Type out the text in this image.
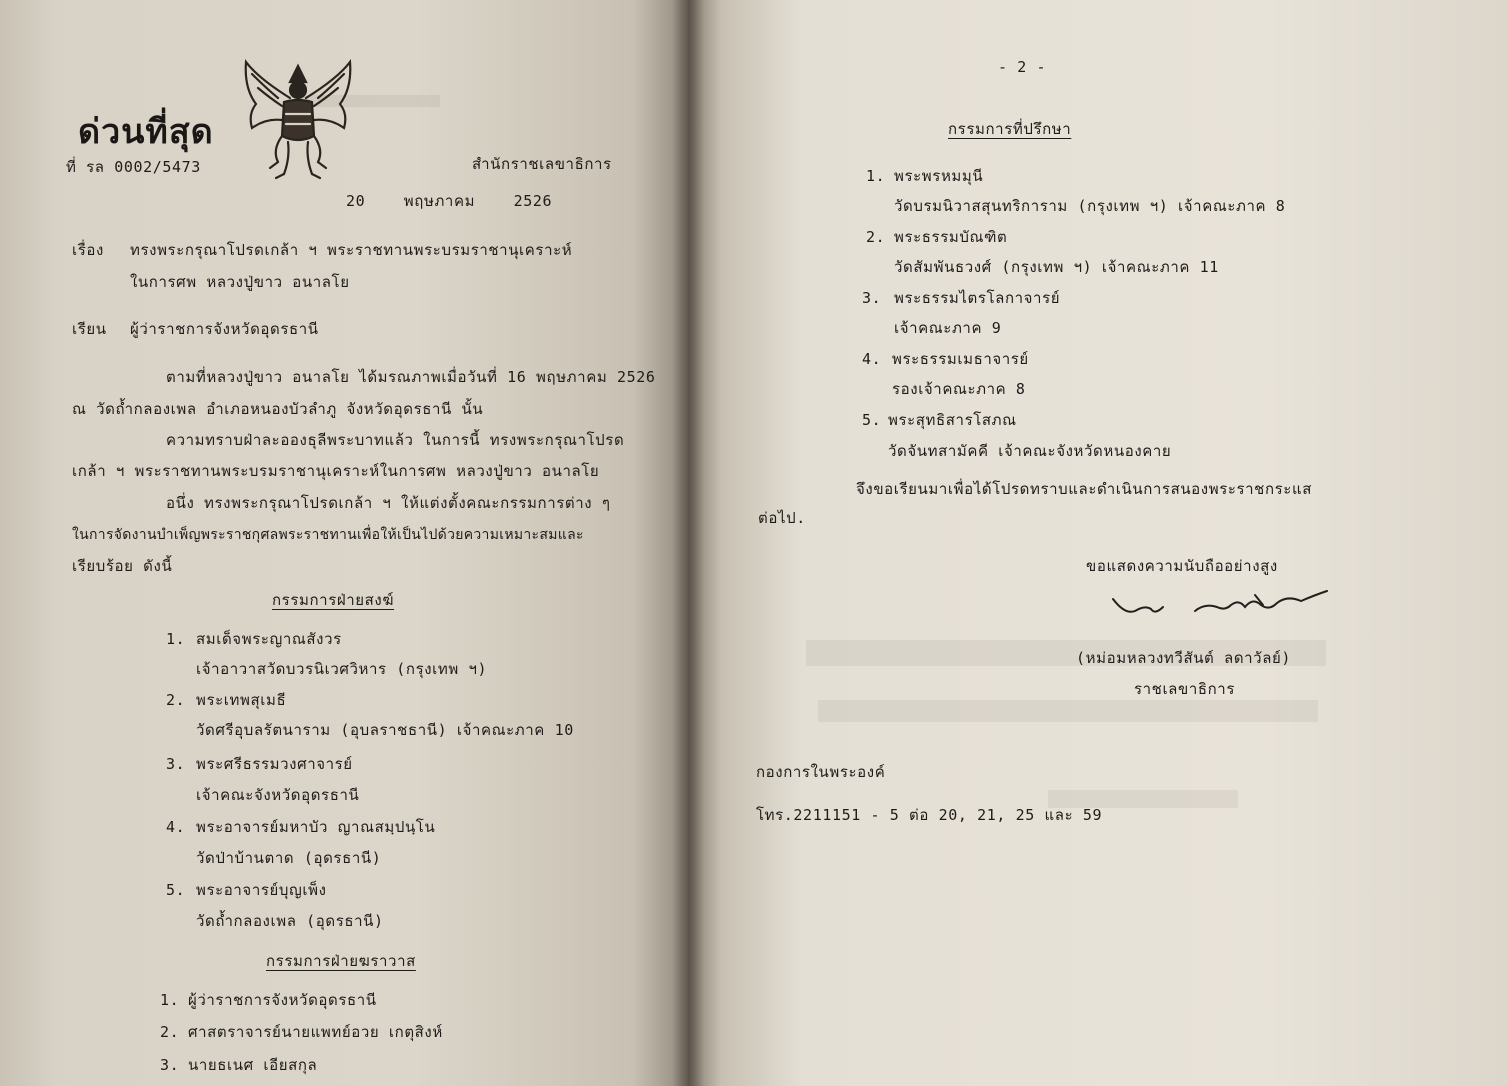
ด่วนที่สุด
ที่ รล 0002/5473	สำนักราชเลขาธิการ
20    พฤษภาคม    2526
เรื่อง ทรงพระกรุณาโปรดเกล้า ฯ พระราชทานพระบรมราชานุเคราะห์
ในการศพ หลวงปู่ขาว อนาลโย
เรียน ผู้ว่าราชการจังหวัดอุดรธานี
ตามที่หลวงปู่ขาว อนาลโย ได้มรณภาพเมื่อวันที่ 16 พฤษภาคม 2526
ณ วัดถ้ำกลองเพล อำเภอหนองบัวลำภู จังหวัดอุดรธานี นั้น
ความทราบฝ่าละอองธุลีพระบาทแล้ว ในการนี้ ทรงพระกรุณาโปรด
เกล้า ฯ พระราชทานพระบรมราชานุเคราะห์ในการศพ หลวงปู่ขาว อนาลโย
อนึ่ง ทรงพระกรุณาโปรดเกล้า ฯ ให้แต่งตั้งคณะกรรมการต่าง ๆ
ในการจัดงานบำเพ็ญพระราชกุศลพระราชทานเพื่อให้เป็นไปด้วยความเหมาะสมและ
เรียบร้อย ดังนี้
กรรมการฝ่ายสงฆ์
1. สมเด็จพระญาณสังวร
เจ้าอาวาสวัดบวรนิเวศวิหาร (กรุงเทพ ฯ)
2. พระเทพสุเมธี
วัดศรีอุบลรัตนาราม (อุบลราชธานี) เจ้าคณะภาค 10
3. พระศรีธรรมวงศาจารย์
เจ้าคณะจังหวัดอุดรธานี
4. พระอาจารย์มหาบัว ญาณสมฺปนฺโน
วัดป่าบ้านตาด (อุดรธานี)
5. พระอาจารย์บุญเพ็ง
วัดถ้ำกลองเพล (อุดรธานี)
กรรมการฝ่ายฆราวาส
1. ผู้ว่าราชการจังหวัดอุดรธานี
2. ศาสตราจารย์นายแพทย์อวย เกตุสิงห์
3. นายธเนศ เอียสกุล
- 2 -
กรรมการที่ปรึกษา
1. พระพรหมมุนี
วัดบรมนิวาสสุนทริการาม (กรุงเทพ ฯ) เจ้าคณะภาค 8
2. พระธรรมบัณฑิต
วัดสัมพันธวงศ์ (กรุงเทพ ฯ) เจ้าคณะภาค 11
3. พระธรรมไตรโลกาจารย์
เจ้าคณะภาค 9
4. พระธรรมเมธาจารย์
รองเจ้าคณะภาค 8
5. พระสุทธิสารโสภณ
วัดจันทสามัคคี เจ้าคณะจังหวัดหนองคาย
จึงขอเรียนมาเพื่อได้โปรดทราบและดำเนินการสนองพระราชกระแส
ต่อไป.
ขอแสดงความนับถืออย่างสูง
(หม่อมหลวงทวีสันต์ ลดาวัลย์)
ราชเลขาธิการ
กองการในพระองค์
โทร.2211151 - 5 ต่อ 20, 21, 25 และ 59
